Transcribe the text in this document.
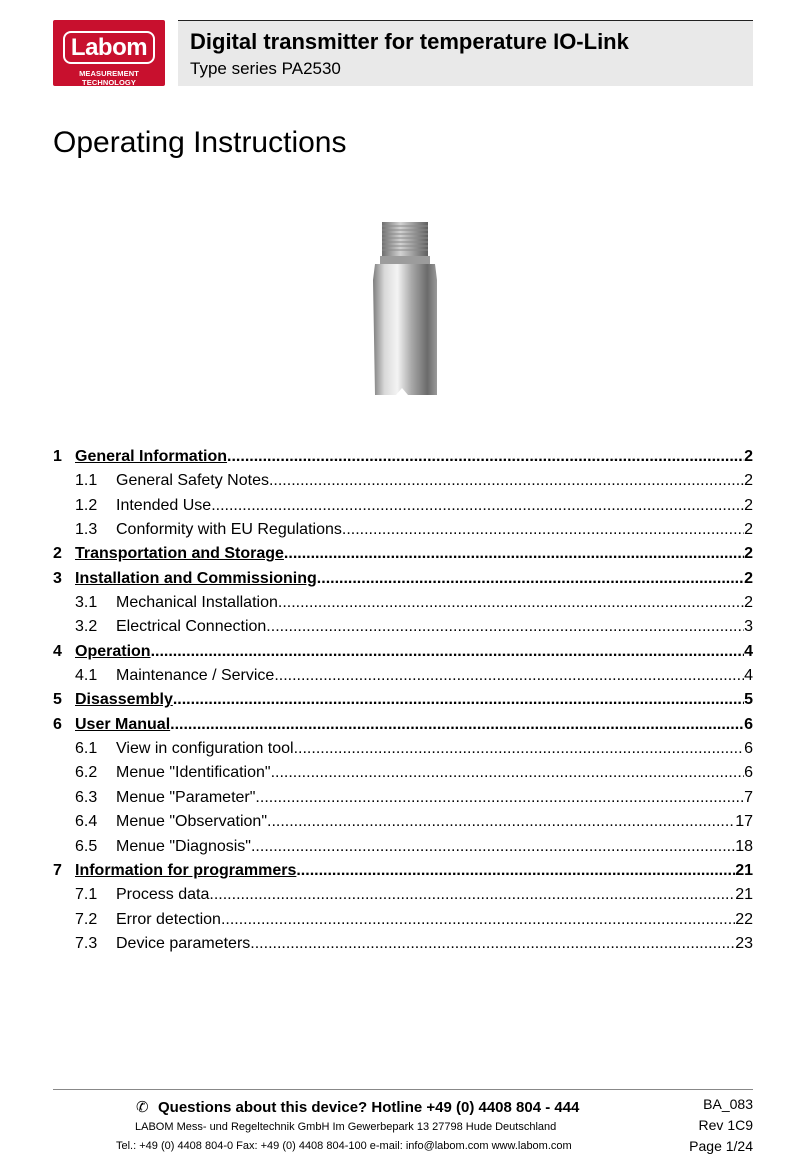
Labom
MEASUREMENT TECHNOLOGY
Digital transmitter for temperature IO-Link
Type series PA2530
Operating Instructions
1 General Information .....	2
1.1	General Safety Notes .....	2
1.2	Intended Use .....	2
1.3	Conformity with EU Regulations .....	2
2 Transportation and Storage .....	2
3 Installation and Commissioning .....	2
3.1	Mechanical Installation .....	2
3.2	Electrical Connection .....	3
4 Operation .....	4
4.1	Maintenance / Service .....	4
5 Disassembly .....	5
6 User Manual .....	6
6.1	View in configuration tool .....	6
6.2	Menue "Identification" .....	6
6.3	Menue "Parameter" .....	7
6.4	Menue "Observation" .....	17
6.5	Menue "Diagnosis" .....	18
7 Information for programmers .....	21
7.1	Process data .....	21
7.2	Error detection .....	22
7.3	Device parameters .....	23
✆ Questions about this device? Hotline +49 (0) 4408 804 - 444
LABOM Mess- und Regeltechnik GmbH Im Gewerbepark 13 27798 Hude Deutschland
Tel.: +49 (0) 4408 804-0 Fax: +49 (0) 4408 804-100 e-mail: info@labom.com www.labom.com
BA_083
Rev 1C9
Page 1/24
